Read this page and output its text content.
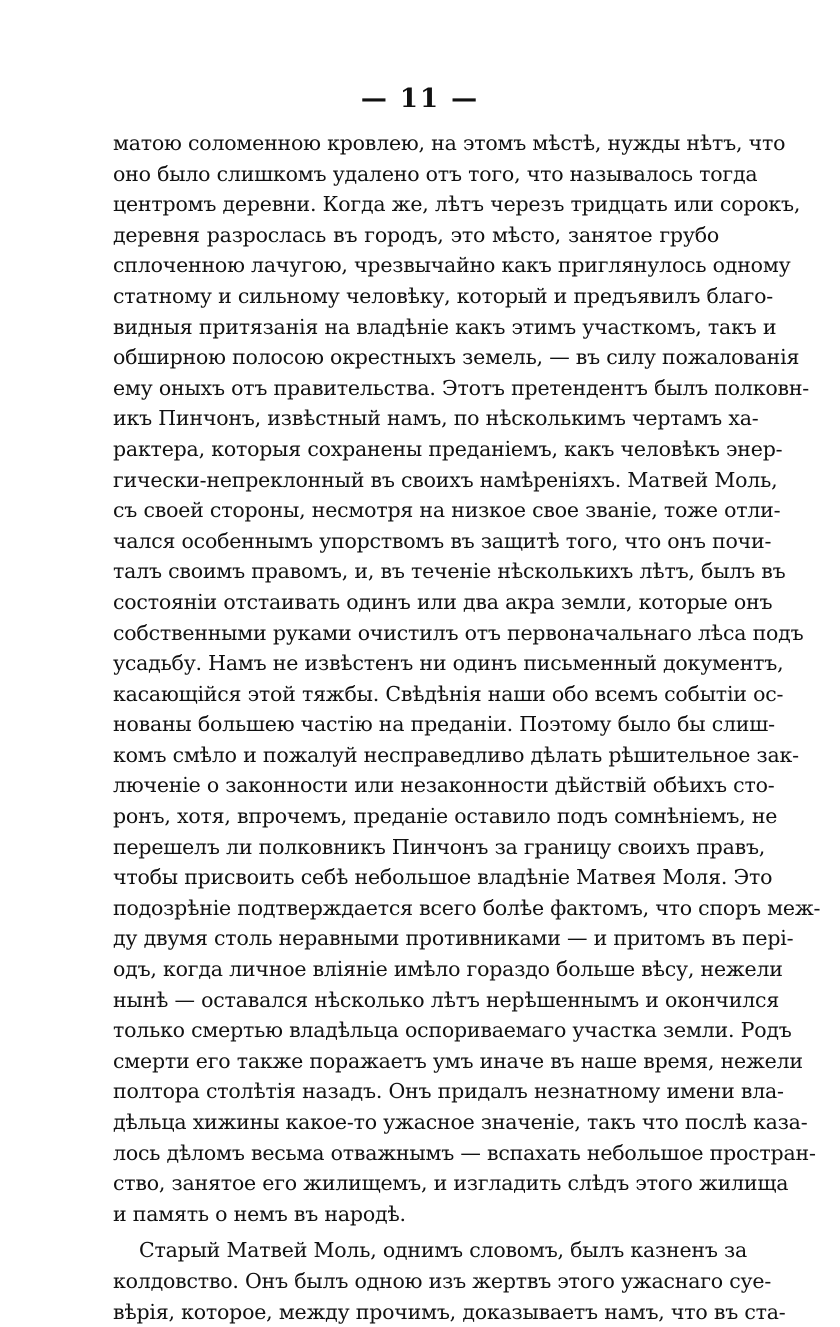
— 11 —
матою соломенною кровлею, на этомъ мѣстѣ, нужды нѣтъ, что
оно было слишкомъ удалено отъ того, что называлось тогда
центромъ деревни. Когда же, лѣтъ черезъ тридцать или сорокъ,
деревня разрослась въ городъ, это мѣсто, занятое грубо
сплоченною лачугою, чрезвычайно какъ приглянулось одному
статному и сильному человѣку, который и предъявилъ благо-
видныя притязанія на владѣніе какъ этимъ участкомъ, такъ и
обширною полосою окрестныхъ земель, — въ силу пожалованія
ему оныхъ отъ правительства. Этотъ претендентъ былъ полковн-
икъ Пинчонъ, извѣстный намъ, по нѣсколькимъ чертамъ ха-
рактера, которыя сохранены преданіемъ, какъ человѣкъ энер-
гически-непреклонный въ своихъ намѣреніяхъ. Матвей Моль,
съ своей стороны, несмотря на низкое свое званіе, тоже отли-
чался особеннымъ упорствомъ въ защитѣ того, что онъ почи-
талъ своимъ правомъ, и, въ теченіе нѣсколькихъ лѣтъ, былъ въ
состояніи отстаивать одинъ или два акра земли, которые онъ
собственными руками очистилъ отъ первоначальнаго лѣса подъ
усадьбу. Намъ не извѣстенъ ни одинъ письменный документъ,
касающійся этой тяжбы. Свѣдѣнія наши обо всемъ событіи ос-
нованы большею частію на преданіи. Поэтому было бы слиш-
комъ смѣло и пожалуй несправедливо дѣлать рѣшительное зак-
люченіе о законности или незаконности дѣйствій обѣихъ сто-
ронъ, хотя, впрочемъ, преданіе оставило подъ сомнѣніемъ, не
перешелъ ли полковникъ Пинчонъ за границу своихъ правъ,
чтобы присвоить себѣ небольшое владѣніе Матвея Моля. Это
подозрѣніе подтверждается всего болѣе фактомъ, что споръ меж-
ду двумя столь неравными противниками — и притомъ въ пері-
одъ, когда личное вліяніе имѣло гораздо больше вѣсу, нежели
нынѣ — оставался нѣсколько лѣтъ нерѣшеннымъ и окончился
только смертью владѣльца оспориваемаго участка земли. Родъ
смерти его также поражаетъ умъ иначе въ наше время, нежели
полтора столѣтія назадъ. Онъ придалъ незнатному имени вла-
дѣльца хижины какое-то ужасное значеніе, такъ что послѣ каза-
лось дѣломъ весьма отважнымъ — вспахать небольшое простран-
ство, занятое его жилищемъ, и изгладить слѣдъ этого жилища
и память о немъ въ народѣ.
Старый Матвей Моль, однимъ словомъ, былъ казненъ за
колдовство. Онъ былъ одною изъ жертвъ этого ужаснаго суе-
вѣрія, которое, между прочимъ, доказываетъ намъ, что въ ста-
